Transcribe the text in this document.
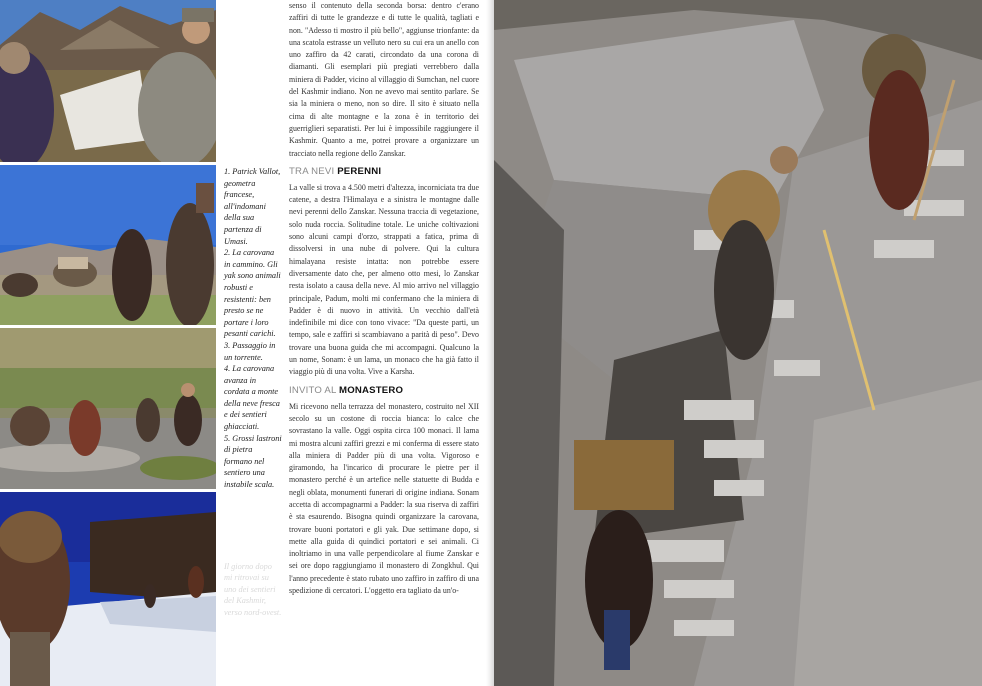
1. Patrick Vallot, geometra francese, all'indomani della sua partenza di Umasi.

2. La carovana in cammino. Gli yak sono animali robusti e resistenti: ben presto se ne portare i loro pesanti carichi.

3. Passaggio in un torrente.

4. La carovana avanza in cordata a monte della neve fresca e dei sentieri ghiacciati.

5. Grossi lastroni di pietra formano nel sentiero una instabile scala.

Il giorno dopo mi ritrovai su uno dei sentieri del Kashmir, verso nord-ovest.

senso il contenuto della seconda borsa: dentro c'erano zaffiri di tutte le grandezze e di tutte le qualità, tagliati e non. "Adesso ti mostro il più bello", aggiunse trionfante: da una scatola estrasse un velluto nero su cui era un anello con uno zaffiro da 42 carati, circondato da una corona di diamanti. Gli esemplari più pregiati verrebbero dalla miniera di Padder, vicino al villaggio di Sumchan, nel cuore del Kashmir indiano. Non ne avevo mai sentito parlare. Se sia la miniera o meno, non so dire. Il sito è situato nella cima di alte montagne e la zona è in territorio dei guerriglieri separatisti. Per lui è impossibile raggiungere il Kashmir. Quanto a me, potrei provare a organizzare un tracciato nella regione dello Zanskar.

TRA NEVI PERENNI

La valle si trova a 4.500 metri d'altezza, incorniciata tra due catene, a destra l'Himalaya e a sinistra le montagne dalle nevi perenni dello Zanskar. Nessuna traccia di vegetazione, solo nuda roccia. Solitudine totale. Le uniche coltivazioni sono alcuni campi d'orzo, strappati a fatica, prima di dissolversi in una nube di polvere. Qui la cultura himalayana resiste intatta: non potrebbe essere diversamente dato che, per almeno otto mesi, lo Zanskar resta isolato a causa della neve. Al mio arrivo nel villaggio principale, Padum, molti mi confermano che la miniera di Padder è di nuovo in attività. Un vecchio dall'età indefinibile mi dice con tono vivace: "Da queste parti, un tempo, sale e zaffiri si scambiavano a parità di peso". Devo trovare una buona guida che mi accompagni. Qualcuno la un nome, Sonam: è un lama, un monaco che ha già fatto il viaggio più di una volta. Vive a Karsha.

INVITO AL MONASTERO

Mi ricevono nella terrazza del monastero, costruito nel XII secolo su un costone di roccia bianca: lo calce che sovrastano la valle. Oggi ospita circa 100 monaci. Il lama mi mostra alcuni zaffiri grezzi e mi conferma di essere stato alla miniera di Padder più di una volta. Vigoroso e giramondo, ha l'incarico di procurare le pietre per il monastero perché è un artefice nelle statuette di Budda e negli oblata, monumenti funerari di origine indiana. Sonam accetta di accompagnarmi a Padder: la sua riserva di zaffiri è sta esaurendo. Bisogna quindi organizzare la carovana, trovare buoni portatori e gli yak. Due settimane dopo, si mette alla guida di quindici portatori e sei animali. Ci inoltriamo in una valle perpendicolare al fiume Zanskar e sei ore dopo raggiungiamo il monastero di Zongkhul. Qui l'anno precedente è stato rubato uno zaffiro in zaffiro di una spedizione di cercatori. L'oggetto era tagliato da un'o-
